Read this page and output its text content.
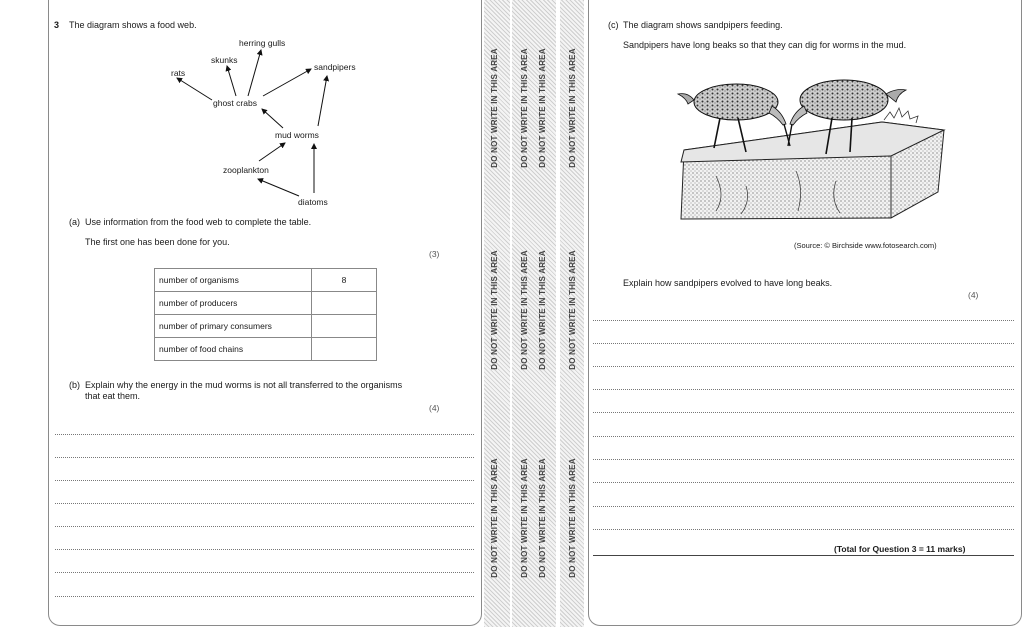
3 The diagram shows a food web.
herring gulls
skunks
sandpipers
rats
ghost crabs
mud worms
zooplankton
diatoms
(a) Use information from the food web to complete the table.
The first one has been done for you.
(3)
number of organisms	8
number of producers	
number of primary consumers	
number of food chains	
(b) Explain why the energy in the mud worms is not all transferred to the organisms
that eat them.
(4)
DO NOT WRITE IN THIS AREA
DO NOT WRITE IN THIS AREA
DO NOT WRITE IN THIS AREA
DO NOT WRITE IN THIS AREA
DO NOT WRITE IN THIS AREA
DO NOT WRITE IN THIS AREA
DO NOT WRITE IN THIS AREA
DO NOT WRITE IN THIS AREA
DO NOT WRITE IN THIS AREA
DO NOT WRITE IN THIS AREA
DO NOT WRITE IN THIS AREA
DO NOT WRITE IN THIS AREA
(c) The diagram shows sandpipers feeding.
Sandpipers have long beaks so that they can dig for worms in the mud.
(Source: © Birchside www.fotosearch.com)
Explain how sandpipers evolved to have long beaks.
(4)
(Total for Question 3 = 11 marks)
